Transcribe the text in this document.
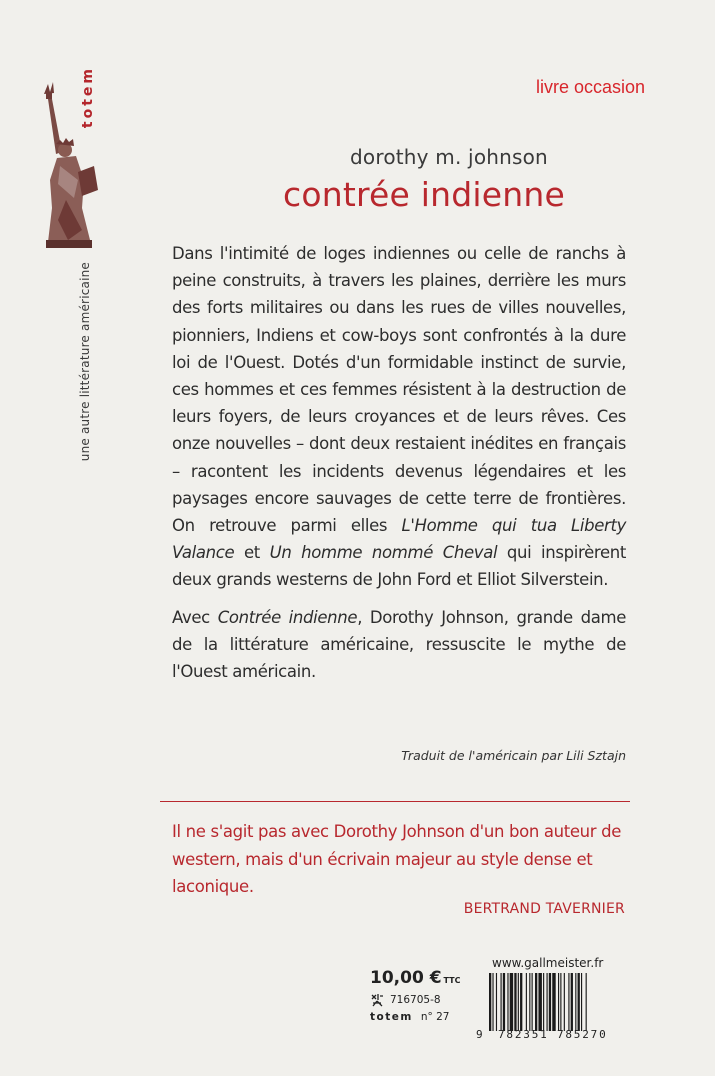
totem
une autre littérature américaine
livre occasion
dorothy m. johnson
contrée indienne

Dans l'intimité de loges indiennes ou celle de ranchs à peine construits, à travers les plaines, derrière les murs des forts militaires ou dans les rues de villes nouvelles, pionniers, Indiens et cow-boys sont confrontés à la dure loi de l'Ouest. Dotés d'un formidable instinct de survie, ces hommes et ces femmes résistent à la destruction de leurs foyers, de leurs croyances et de leurs rêves. Ces onze nouvelles – dont deux restaient inédites en français – racontent les incidents devenus légendaires et les paysages encore sauvages de cette terre de frontières. On retrouve parmi elles L'Homme qui tua Liberty Valance et Un homme nommé Cheval qui inspirèrent deux grands westerns de John Ford et Elliot Silverstein.

Avec Contrée indienne, Dorothy Johnson, grande dame de la littérature américaine, ressuscite le mythe de l'Ouest américain.

Traduit de l'américain par Lili Sztajn

Il ne s'agit pas avec Dorothy Johnson d'un bon auteur de western, mais d'un écrivain majeur au style dense et laconique.

BERTRAND TAVERNIER
www.gallmeister.fr
10,00 € TTC
716705-8
totem n° 27
9 782351 785270
